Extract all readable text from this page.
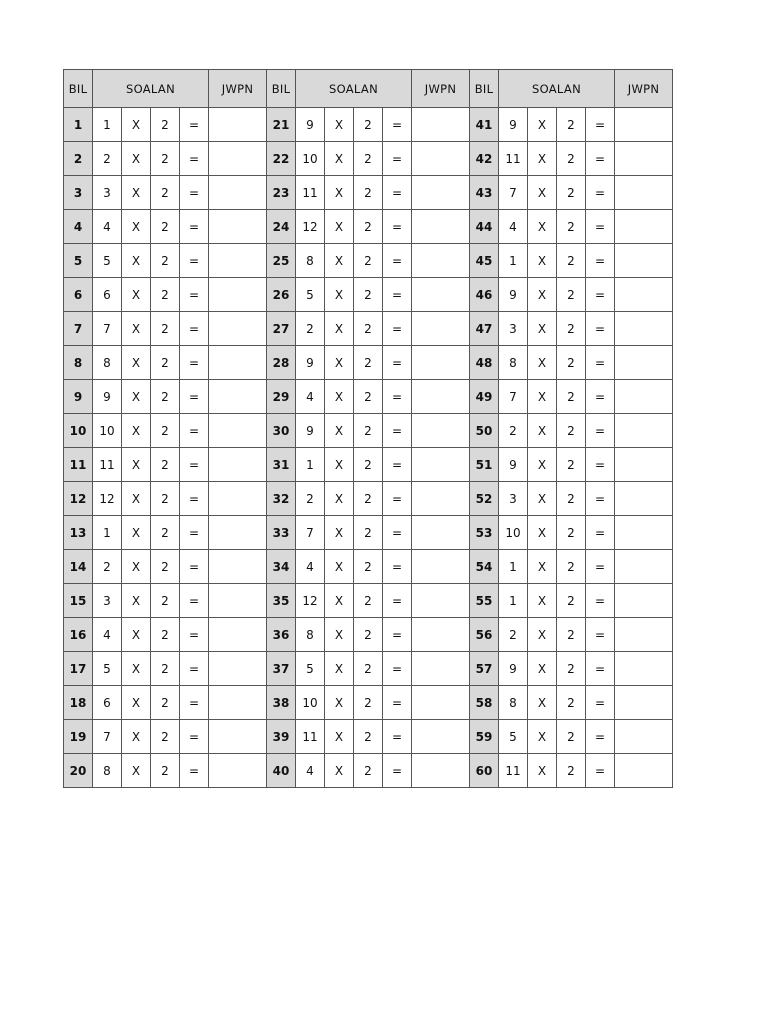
BIL	SOALAN				JWPN	BIL	SOALAN				JWPN	BIL	SOALAN				JWPN
1	1	X	2	=		21	9	X	2	=		41	9	X	2	=	
2	2	X	2	=		22	10	X	2	=		42	11	X	2	=	
3	3	X	2	=		23	11	X	2	=		43	7	X	2	=	
4	4	X	2	=		24	12	X	2	=		44	4	X	2	=	
5	5	X	2	=		25	8	X	2	=		45	1	X	2	=	
6	6	X	2	=		26	5	X	2	=		46	9	X	2	=	
7	7	X	2	=		27	2	X	2	=		47	3	X	2	=	
8	8	X	2	=		28	9	X	2	=		48	8	X	2	=	
9	9	X	2	=		29	4	X	2	=		49	7	X	2	=	
10	10	X	2	=		30	9	X	2	=		50	2	X	2	=	
11	11	X	2	=		31	1	X	2	=		51	9	X	2	=	
12	12	X	2	=		32	2	X	2	=		52	3	X	2	=	
13	1	X	2	=		33	7	X	2	=		53	10	X	2	=	
14	2	X	2	=		34	4	X	2	=		54	1	X	2	=	
15	3	X	2	=		35	12	X	2	=		55	1	X	2	=	
16	4	X	2	=		36	8	X	2	=		56	2	X	2	=	
17	5	X	2	=		37	5	X	2	=		57	9	X	2	=	
18	6	X	2	=		38	10	X	2	=		58	8	X	2	=	
19	7	X	2	=		39	11	X	2	=		59	5	X	2	=	
20	8	X	2	=		40	4	X	2	=		60	11	X	2	=	
